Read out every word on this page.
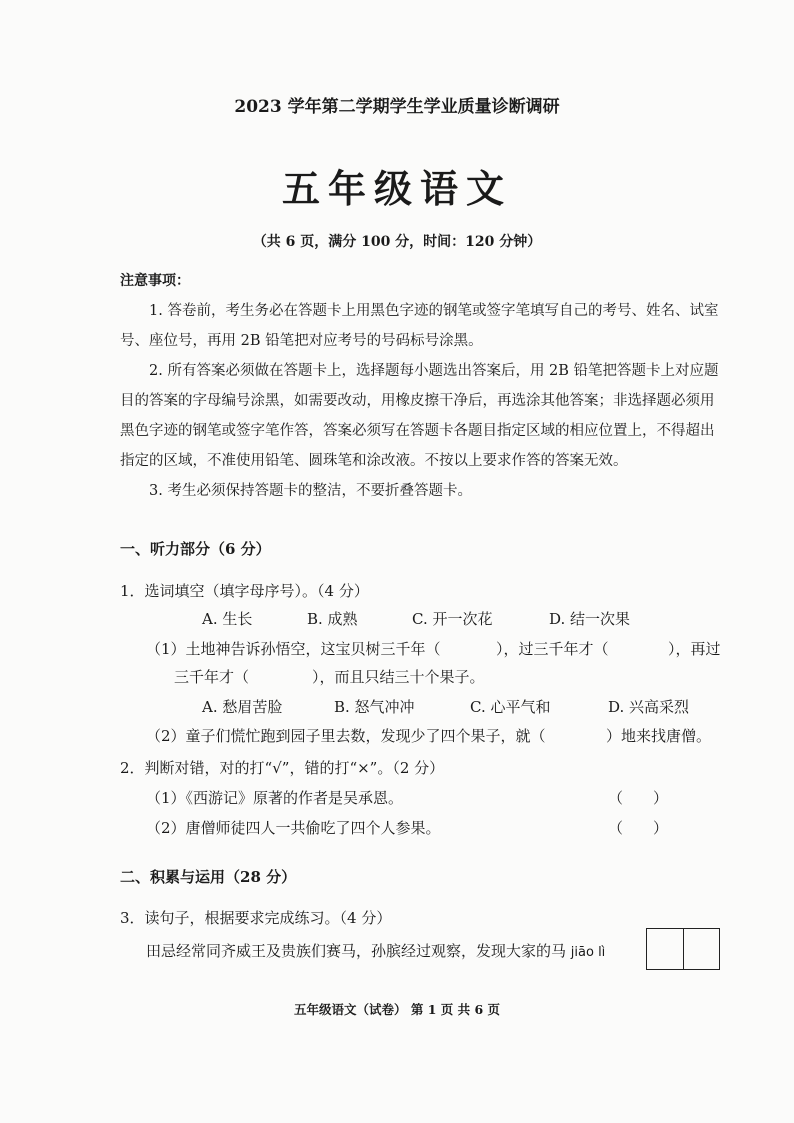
2023 学年第二学期学生学业质量诊断调研
五年级语文
（共 6 页，满分 100 分，时间：120 分钟）
注意事项：

1. 答卷前，考生务必在答题卡上用黑色字迹的钢笔或签字笔填写自己的考号、姓名、试室号、座位号，再用 2B 铅笔把对应考号的号码标号涂黑。

2. 所有答案必须做在答题卡上，选择题每小题选出答案后，用 2B 铅笔把答题卡上对应题目的答案的字母编号涂黑，如需要改动，用橡皮擦干净后，再选涂其他答案；非选择题必须用黑色字迹的钢笔或签字笔作答，答案必须写在答题卡各题目指定区域的相应位置上，不得超出指定的区域，不准使用铅笔、圆珠笔和涂改液。不按以上要求作答的答案无效。

3. 考生必须保持答题卡的整洁，不要折叠答题卡。

一、听力部分（6 分）
1．选词填空（填字母序号）。（4 分）
A. 生长	B. 成熟	C. 开一次花	D. 结一次果
（1）土地神告诉孙悟空，这宝贝树三千年（	），过三千年才（	），再过
三千年才（	），而且只结三十个果子。
A. 愁眉苦脸	B. 怒气冲冲	C. 心平气和	D. 兴高采烈
（2）童子们慌忙跑到园子里去数，发现少了四个果子，就（	）地来找唐僧。
2．判断对错，对的打“√”，错的打“×”。（2 分）
（1）《西游记》原著的作者是吴承恩。	（　　）
（2）唐僧师徒四人一共偷吃了四个人参果。	（　　）
二、积累与运用（28 分）
3．读句子，根据要求完成练习。（4 分）
田忌经常同齐威王及贵族们赛马，孙膑经过观察，发现大家的马 jiāo lì
五年级语文（试卷） 第 1 页 共 6 页
